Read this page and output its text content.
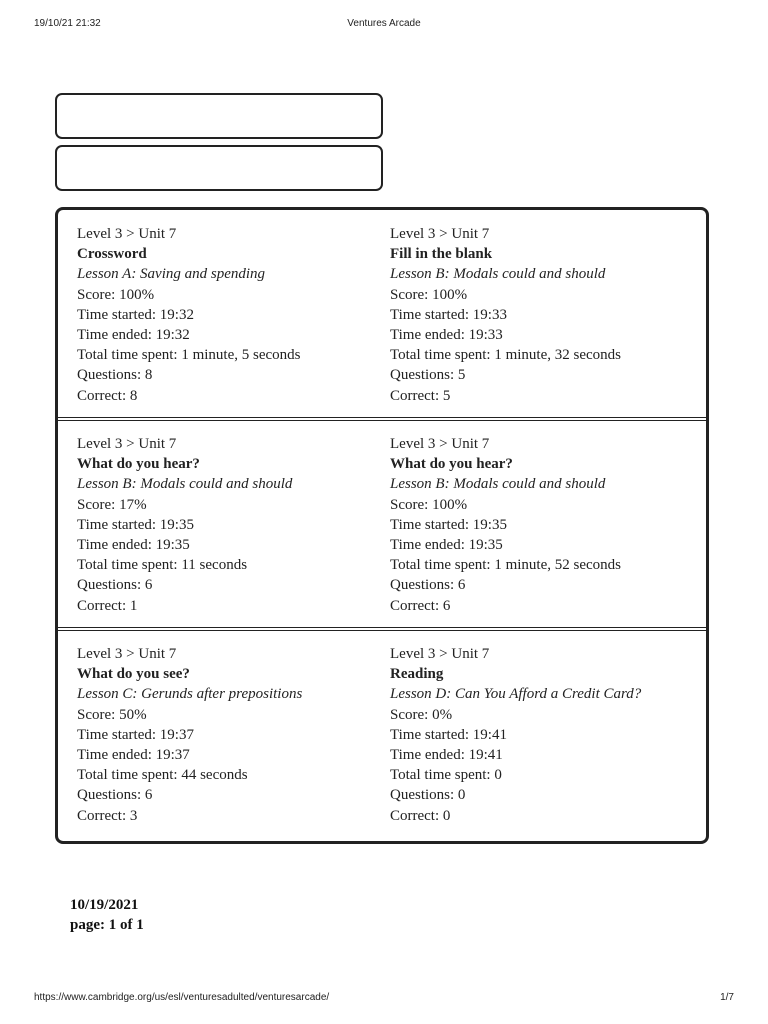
19/10/21 21:32	Ventures Arcade
Level 3 > Unit 7
Crossword
Lesson A: Saving and spending
Score: 100%
Time started: 19:32
Time ended: 19:32
Total time spent: 1 minute, 5 seconds
Questions: 8
Correct: 8
Level 3 > Unit 7
Fill in the blank
Lesson B: Modals could and should
Score: 100%
Time started: 19:33
Time ended: 19:33
Total time spent: 1 minute, 32 seconds
Questions: 5
Correct: 5
Level 3 > Unit 7
What do you hear?
Lesson B: Modals could and should
Score: 17%
Time started: 19:35
Time ended: 19:35
Total time spent: 11 seconds
Questions: 6
Correct: 1
Level 3 > Unit 7
What do you hear?
Lesson B: Modals could and should
Score: 100%
Time started: 19:35
Time ended: 19:35
Total time spent: 1 minute, 52 seconds
Questions: 6
Correct: 6
Level 3 > Unit 7
What do you see?
Lesson C: Gerunds after prepositions
Score: 50%
Time started: 19:37
Time ended: 19:37
Total time spent: 44 seconds
Questions: 6
Correct: 3
Level 3 > Unit 7
Reading
Lesson D: Can You Afford a Credit Card?
Score: 0%
Time started: 19:41
Time ended: 19:41
Total time spent: 0
Questions: 0
Correct: 0
10/19/2021
page: 1 of 1
https://www.cambridge.org/us/esl/venturesadulted/venturesarcade/	1/7
